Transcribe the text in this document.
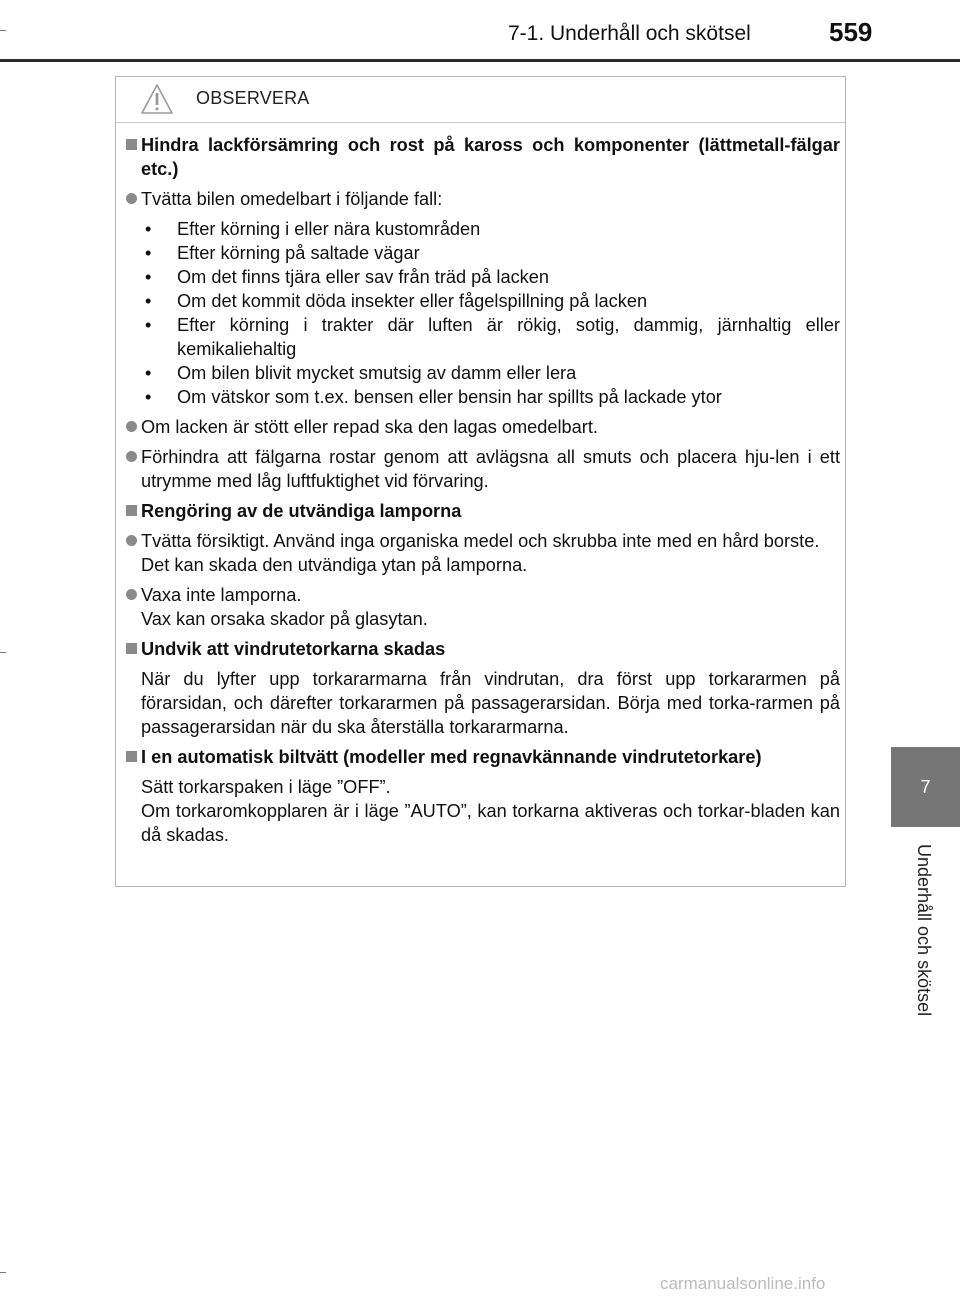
7-1. Underhåll och skötsel	559
7
Underhåll och skötsel
OBSERVERA
Hindra lackförsämring och rost på kaross och komponenter (lättmetall-fälgar etc.)
Tvätta bilen omedelbart i följande fall:
• Efter körning i eller nära kustområden
• Efter körning på saltade vägar
• Om det finns tjära eller sav från träd på lacken
• Om det kommit döda insekter eller fågelspillning på lacken
• Efter körning i trakter där luften är rökig, sotig, dammig, järnhaltig eller kemikaliehaltig
• Om bilen blivit mycket smutsig av damm eller lera
• Om vätskor som t.ex. bensen eller bensin har spillts på lackade ytor
Om lacken är stött eller repad ska den lagas omedelbart.
Förhindra att fälgarna rostar genom att avlägsna all smuts och placera hju-len i ett utrymme med låg luftfuktighet vid förvaring.
Rengöring av de utvändiga lamporna
Tvätta försiktigt. Använd inga organiska medel och skrubba inte med en hård borste.
Det kan skada den utvändiga ytan på lamporna.
Vaxa inte lamporna.
Vax kan orsaka skador på glasytan.
Undvik att vindrutetorkarna skadas
När du lyfter upp torkararmarna från vindrutan, dra först upp torkararmen på förarsidan, och därefter torkararmen på passagerarsidan. Börja med torka-rarmen på passagerarsidan när du ska återställa torkararmarna.
I en automatisk biltvätt (modeller med regnavkännande vindrutetorkare)
Sätt torkarspaken i läge ”OFF”.
Om torkaromkopplaren är i läge ”AUTO”, kan torkarna aktiveras och torkar-bladen kan då skadas.
carmanualsonline.info
